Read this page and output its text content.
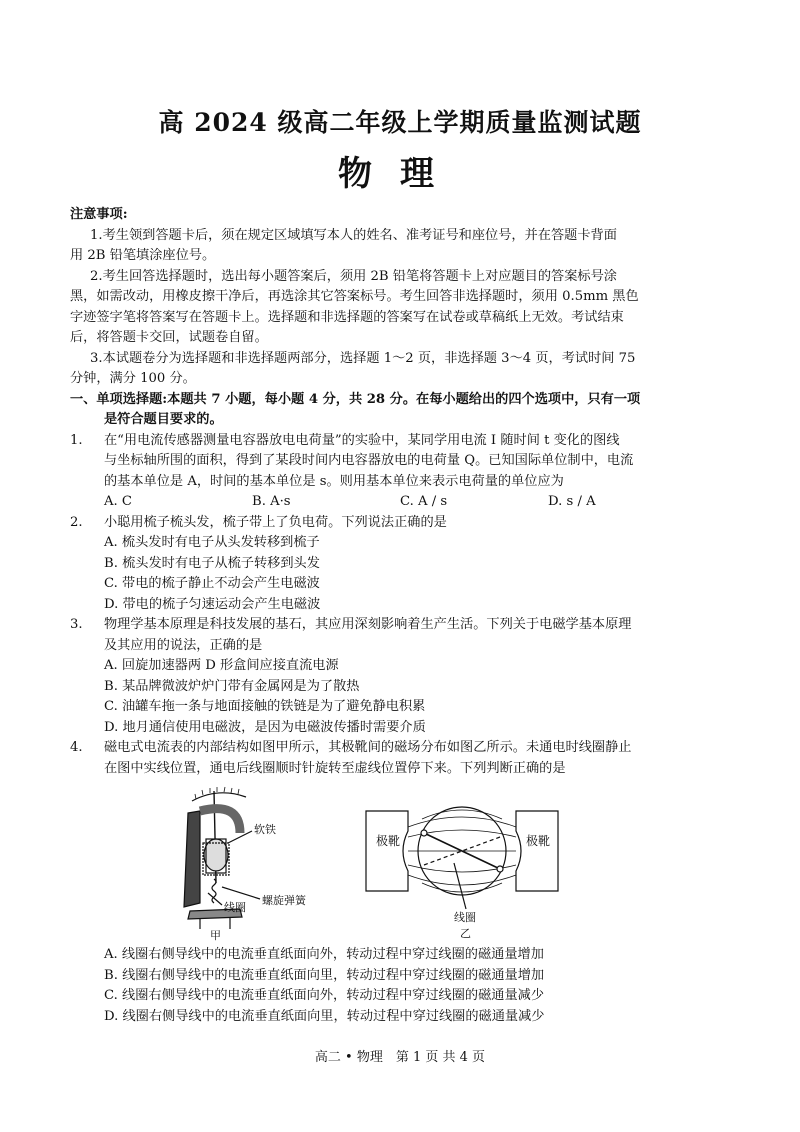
高 2024 级高二年级上学期质量监测试题
物理
注意事项:
1.考生领到答题卡后，须在规定区域填写本人的姓名、准考证号和座位号，并在答题卡背面
用 2B 铅笔填涂座位号。
2.考生回答选择题时，选出每小题答案后，须用 2B 铅笔将答题卡上对应题目的答案标号涂
黑，如需改动，用橡皮擦干净后，再选涂其它答案标号。考生回答非选择题时，须用 0.5mm 黑色
字迹签字笔将答案写在答题卡上。选择题和非选择题的答案写在试卷或草稿纸上无效。考试结束
后，将答题卡交回，试题卷自留。
3.本试题卷分为选择题和非选择题两部分，选择题 1～2 页，非选择题 3～4 页，考试时间 75
分钟，满分 100 分。
一、单项选择题:本题共 7 小题，每小题 4 分，共 28 分。在每小题给出的四个选项中，只有一项
是符合题目要求的。
1.	在“用电流传感器测量电容器放电电荷量”的实验中，某同学用电流 I 随时间 t 变化的图线
与坐标轴所围的面积，得到了某段时间内电容器放电的电荷量 Q。已知国际单位制中，电流
的基本单位是 A，时间的基本单位是 s。则用基本单位来表示电荷量的单位应为
A. C	B. A·s	C. A / s	D. s / A
2.	小聪用梳子梳头发，梳子带上了负电荷。下列说法正确的是
A. 梳头发时有电子从头发转移到梳子
B. 梳头发时有电子从梳子转移到头发
C. 带电的梳子静止不动会产生电磁波
D. 带电的梳子匀速运动会产生电磁波
3.	物理学基本原理是科技发展的基石，其应用深刻影响着生产生活。下列关于电磁学基本原理
及其应用的说法，正确的是
A. 回旋加速器两 D 形盒间应接直流电源
B. 某品牌微波炉炉门带有金属网是为了散热
C. 油罐车拖一条与地面接触的铁链是为了避免静电积累
D. 地月通信使用电磁波，是因为电磁波传播时需要介质
4.	磁电式电流表的内部结构如图甲所示，其极靴间的磁场分布如图乙所示。未通电时线圈静止
在图中实线位置，通电后线圈顺时针旋转至虚线位置停下来。下列判断正确的是
软铁
螺旋弹簧
线圈
甲
极靴	极靴
线圈
乙
A. 线圈右侧导线中的电流垂直纸面向外，转动过程中穿过线圈的磁通量增加
B. 线圈右侧导线中的电流垂直纸面向里，转动过程中穿过线圈的磁通量增加
C. 线圈右侧导线中的电流垂直纸面向外，转动过程中穿过线圈的磁通量减少
D. 线圈右侧导线中的电流垂直纸面向里，转动过程中穿过线圈的磁通量减少
高二 • 物理　第 1 页 共 4 页
